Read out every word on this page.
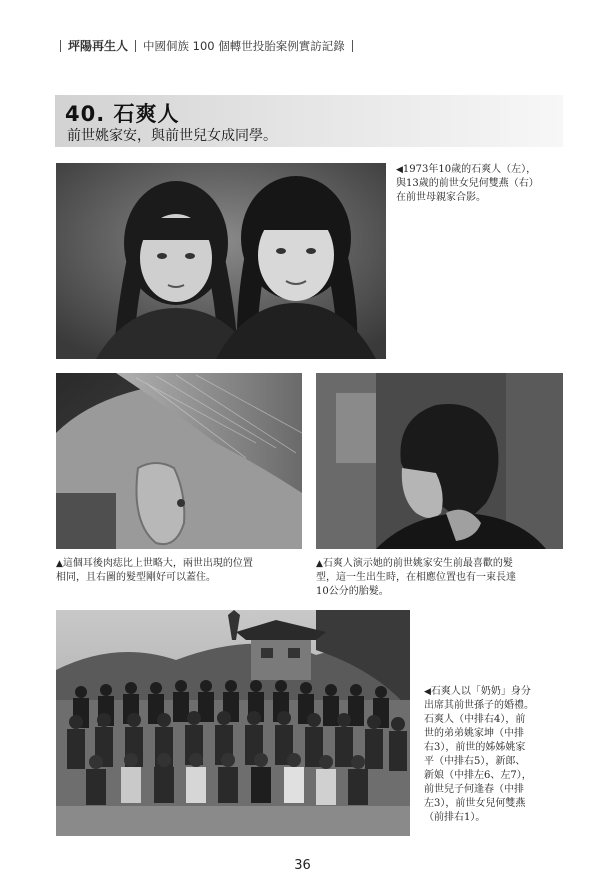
坪陽再生人 中國侗族 100 個轉世投胎案例實訪記錄
40. 石爽人
前世姚家安，與前世兒女成同學。
◀1973年10歲的石爽人（左），
與13歲的前世女兒何雙燕（右）
在前世母親家合影。
▲這個耳後肉痣比上世略大，兩世出現的位置
相同，且右圖的髮型剛好可以蓋住。
▲石爽人演示她的前世姚家安生前最喜歡的髮
型，這一生出生時，在相應位置也有一束長達
10公分的胎髮。
◀石爽人以「奶奶」身分
出席其前世孫子的婚禮。
石爽人（中排右4），前
世的弟弟姚家坤（中排
右3），前世的姊姊姚家
平（中排右5），新郎、
新娘（中排左6、左7），
前世兒子何逢春（中排
左3），前世女兒何雙燕
（前排右1）。
36
